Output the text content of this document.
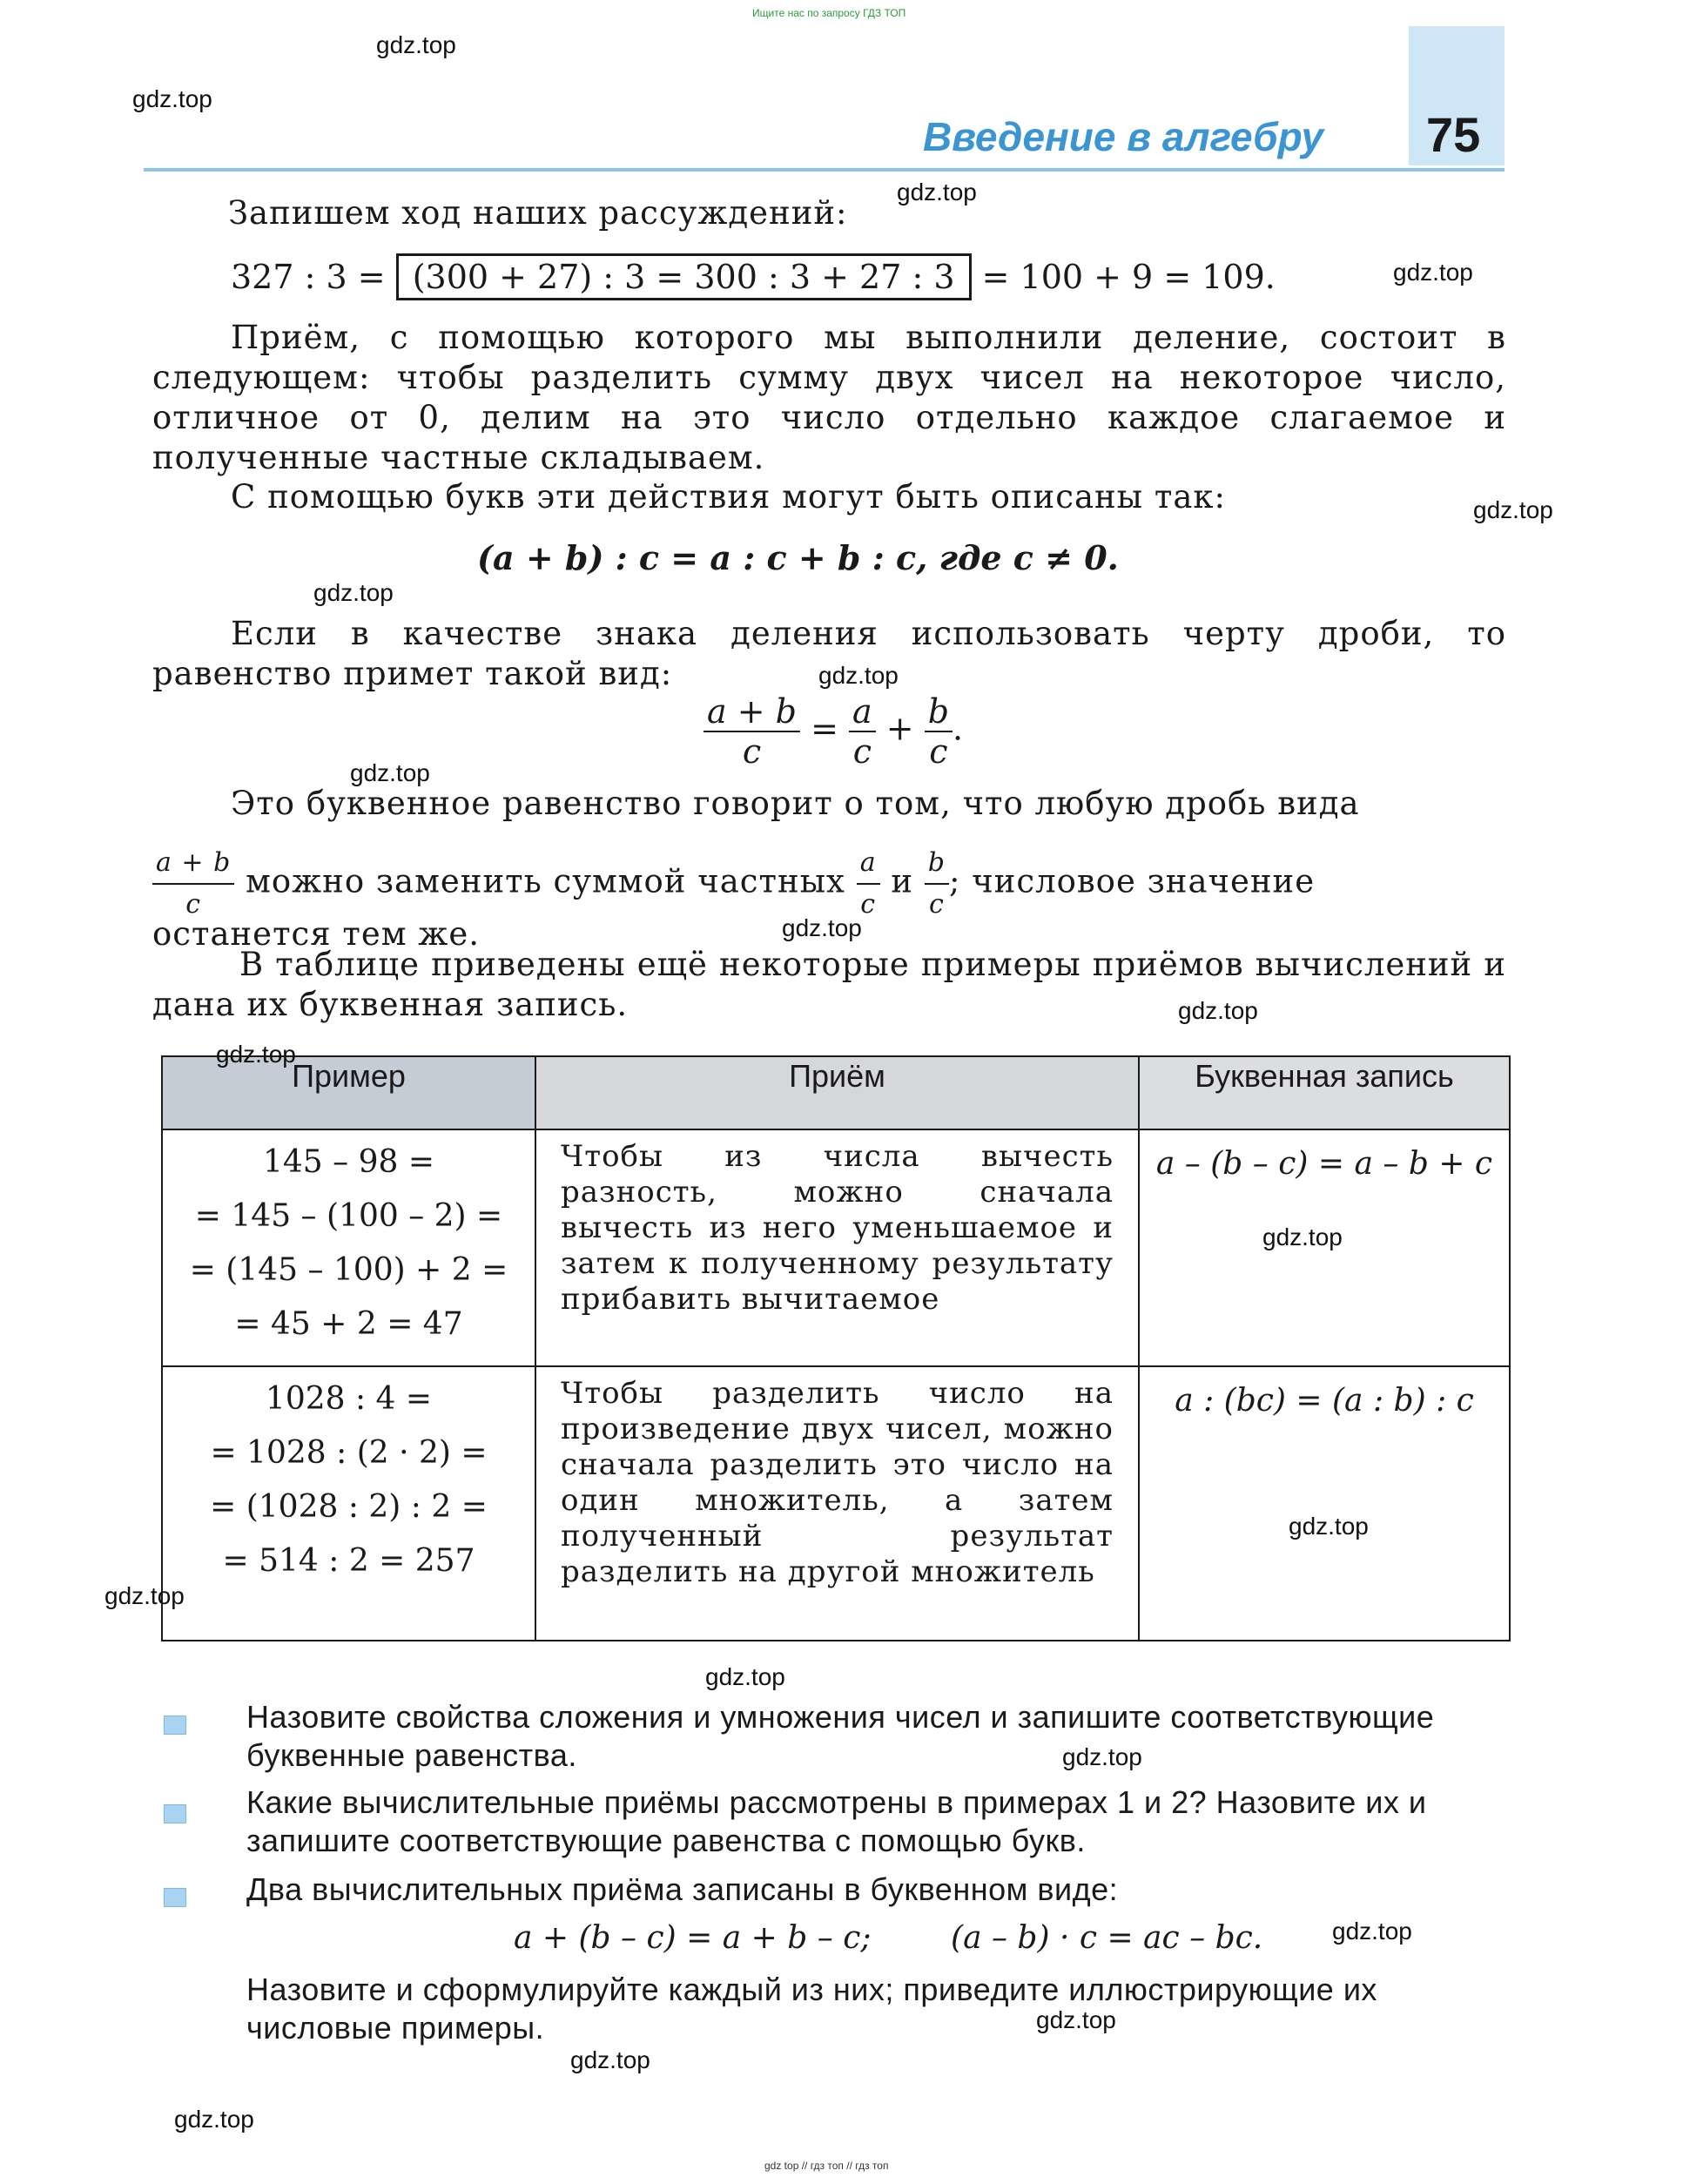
Ищите нас по запросу ГДЗ ТОП
Введение в алгебру 75
Запишем ход наших рассуждений:
327 : 3 = (300 + 27) : 3 = 300 : 3 + 27 : 3 = 100 + 9 = 109.

Приём, с помощью которого мы выполнили деление, состоит в следующем: чтобы разделить сумму двух чисел на некоторое число, отличное от 0, делим на это число отдельно каждое слагаемое и полученные частные складываем.

С помощью букв эти действия могут быть описаны так:

(a + b) : c = a : c + b : c, где c ≠ 0.

Если в качестве знака деления использовать черту дроби, то равенство примет такой вид:

$\frac{a + b}{c} = \frac{a}{c} + \frac{b}{c}$ .
Это буквенное равенство говорит о том, что любую дробь вида
$\frac{a + b}{c}$ можно заменить суммой частных $\frac{a}{c}$ и $\frac{b}{c}$ ; числовое значение
останется тем же.

В таблице приведены ещё некоторые примеры приёмов вычислений и дана их буквенная запись.

Пример	Приём	Буквенная запись

145 – 98 =
= 145 – (100 – 2) =
= (145 – 100) + 2 =
= 45 + 2 = 47	Чтобы из числа вычесть разность, можно сначала вычесть из него уменьшаемое и затем к полученному результату прибавить вычитаемое	a – (b – c) = a – b + c

1028 : 4 =
= 1028 : (2 · 2) =
= (1028 : 2) : 2 =
= 514 : 2 = 257	Чтобы разделить число на произведение двух чисел, можно сначала разделить это число на один множитель, а затем полученный результат разделить на другой множитель	a : (bc) = (a : b) : c
Назовите свойства сложения и умножения чисел и запишите соответствующие буквенные равенства.
Какие вычислительные приёмы рассмотрены в примерах 1 и 2? Назовите их и запишите соответствующие равенства с помощью букв.
Два вычислительных приёма записаны в буквенном виде:
a + (b – c) = a + b – c;        (a – b) · c = ac – bc.
Назовите и сформулируйте каждый из них; приведите иллюстрирующие их числовые примеры.
gdz.top
gdz.top
gdz.top
gdz.top
gdz.top
gdz.top
gdz.top
gdz.top
gdz.top
gdz.top
gdz.top
gdz.top
gdz.top
gdz.top
gdz.top
gdz.top
gdz.top
gdz.top
gdz.top
gdz.top
gdz top // гдз топ // гдз топ
